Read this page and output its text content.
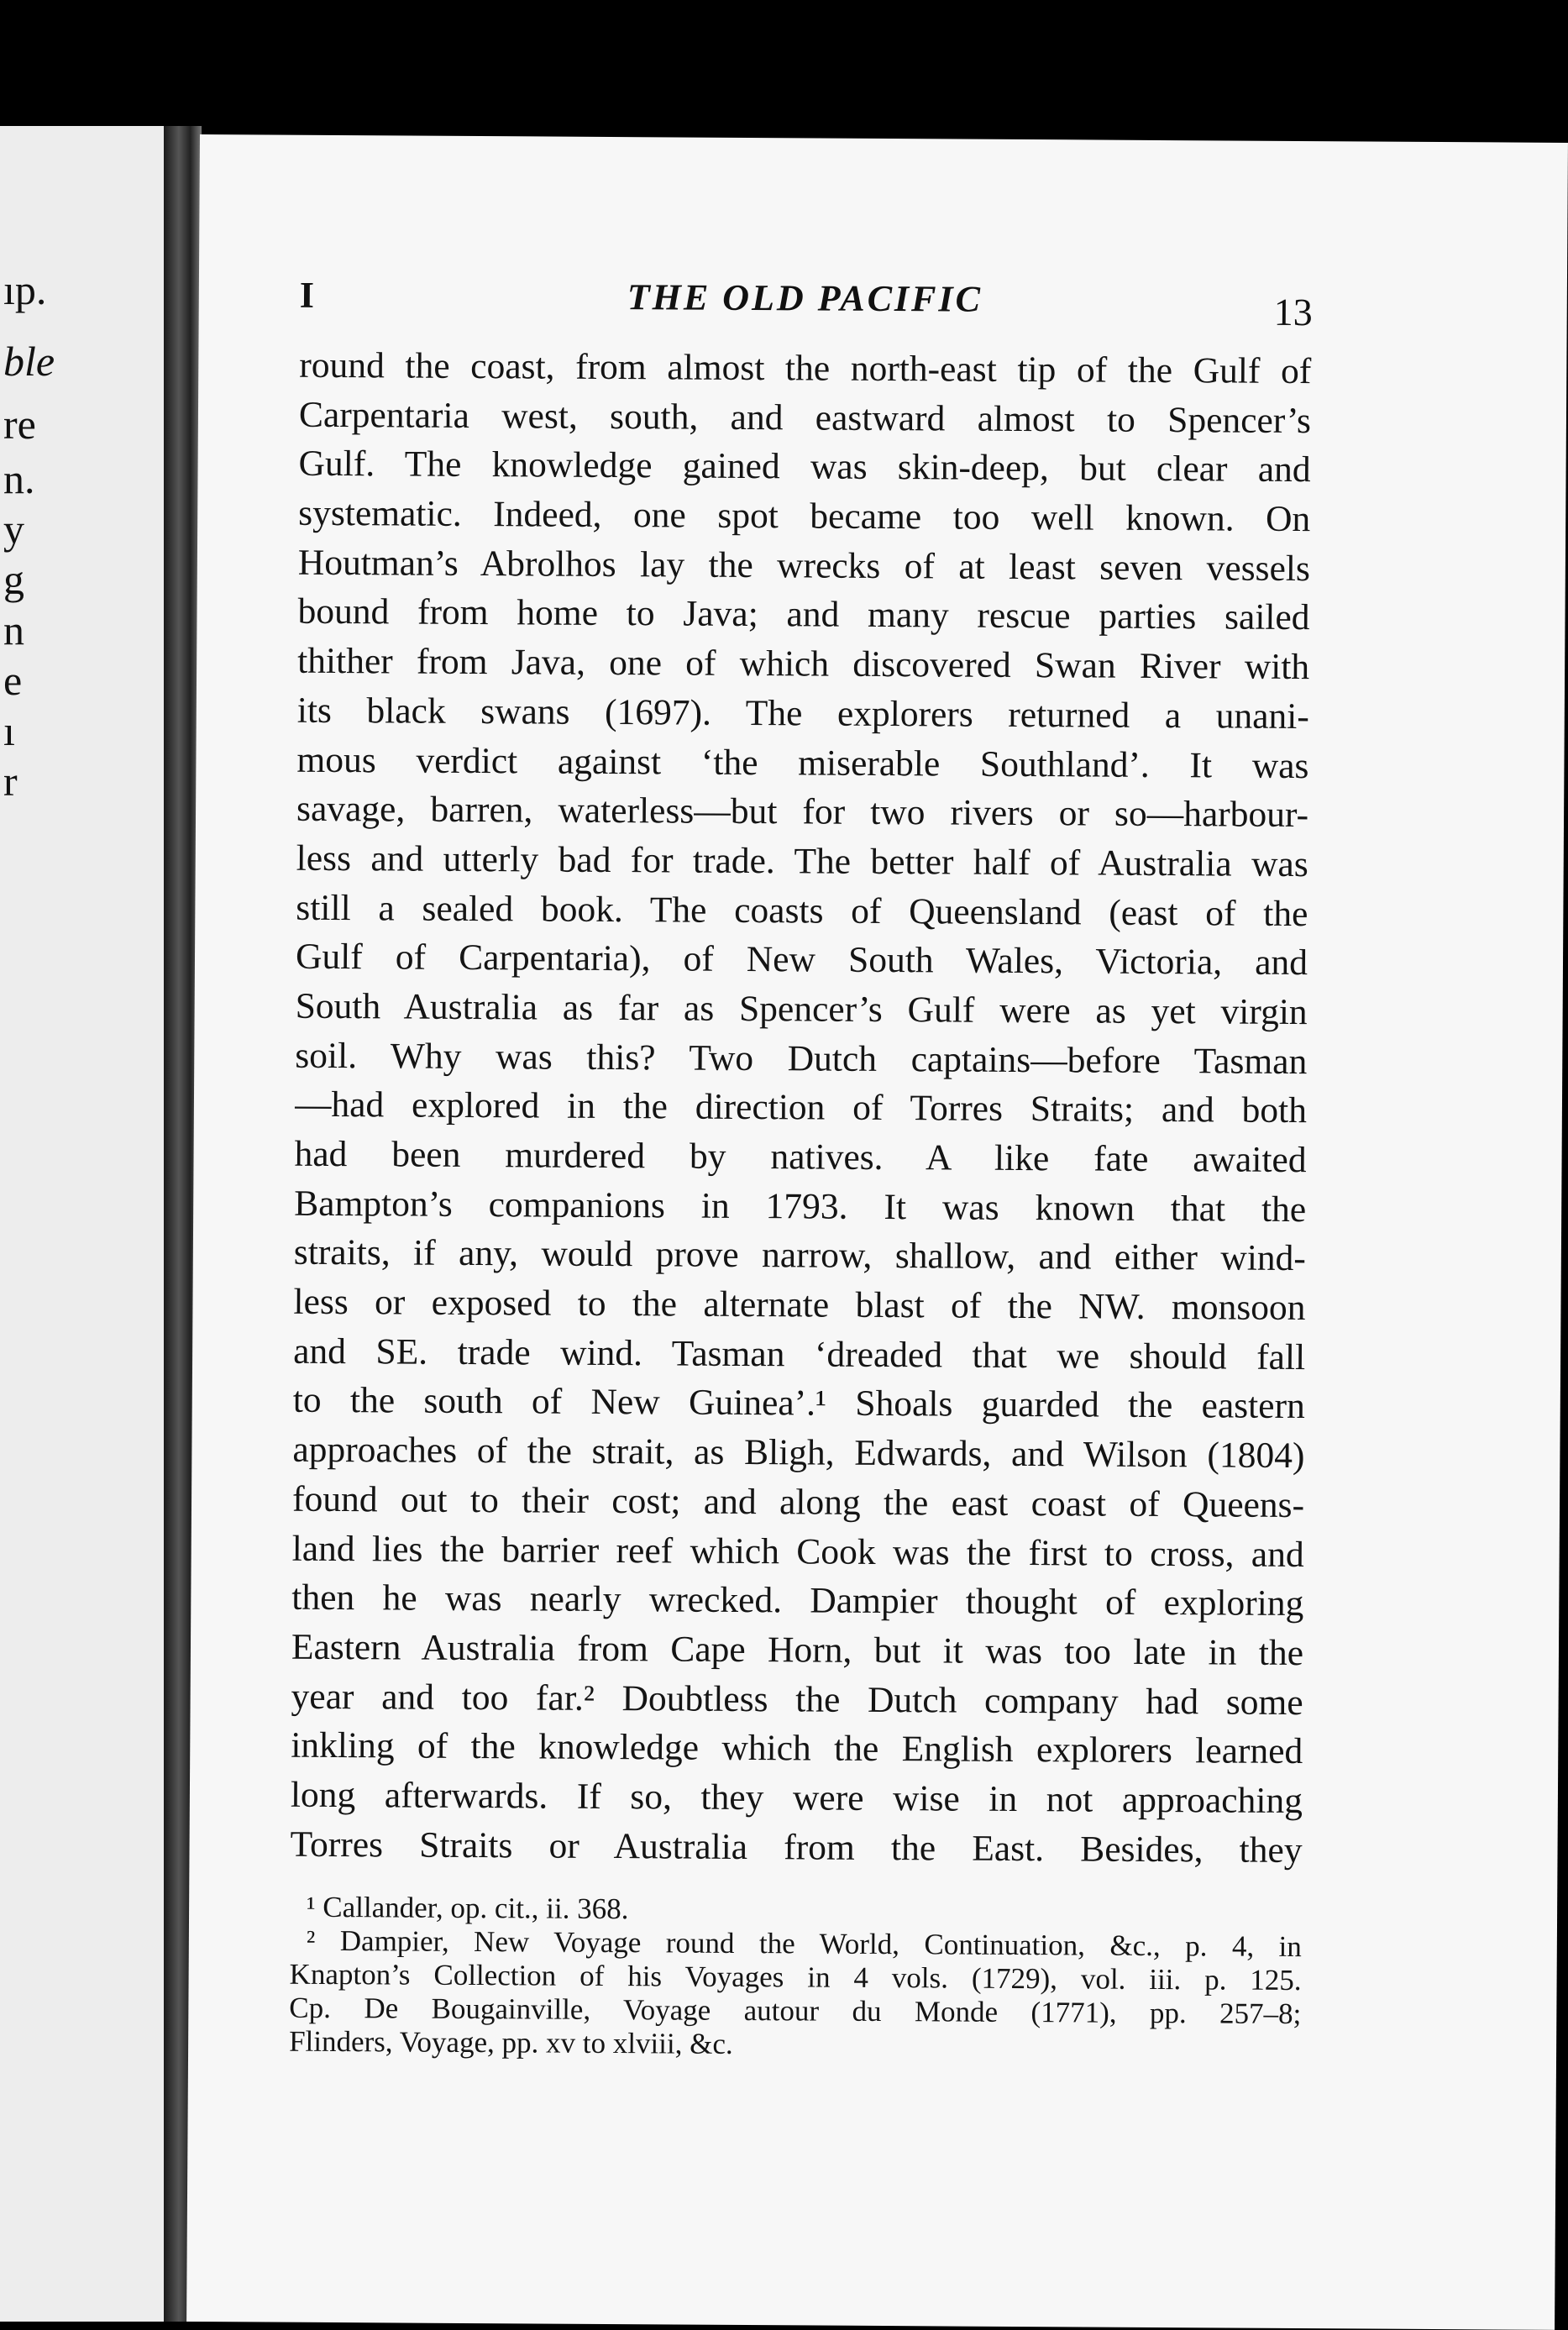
ıp.
ble
re
n.
y
g
n
e
ı
r
I	THE OLD PACIFIC	13
round the coast, from almost the north-east tip of the Gulf of
Carpentaria west, south, and eastward almost to Spencer’s
Gulf. The knowledge gained was skin-deep, but clear and
systematic. Indeed, one spot became too well known. On
Houtman’s Abrolhos lay the wrecks of at least seven vessels
bound from home to Java; and many rescue parties sailed
thither from Java, one of which discovered Swan River with
its black swans (1697). The explorers returned a unani-
mous verdict against ‘the miserable Southland’. It was
savage, barren, waterless—but for two rivers or so—harbour-
less and utterly bad for trade. The better half of Australia was
still a sealed book. The coasts of Queensland (east of the
Gulf of Carpentaria), of New South Wales, Victoria, and
South Australia as far as Spencer’s Gulf were as yet virgin
soil. Why was this? Two Dutch captains—before Tasman
—had explored in the direction of Torres Straits; and both
had been murdered by natives. A like fate awaited
Bampton’s companions in 1793. It was known that the
straits, if any, would prove narrow, shallow, and either wind-
less or exposed to the alternate blast of the NW. monsoon
and SE. trade wind. Tasman ‘dreaded that we should fall
to the south of New Guinea’.¹ Shoals guarded the eastern
approaches of the strait, as Bligh, Edwards, and Wilson (1804)
found out to their cost; and along the east coast of Queens-
land lies the barrier reef which Cook was the first to cross, and
then he was nearly wrecked. Dampier thought of exploring
Eastern Australia from Cape Horn, but it was too late in the
year and too far.² Doubtless the Dutch company had some
inkling of the knowledge which the English explorers learned
long afterwards. If so, they were wise in not approaching
Torres Straits or Australia from the East. Besides, they
¹ Callander, op. cit., ii. 368.
² Dampier, New Voyage round the World, Continuation, &c., p. 4, in
Knapton’s Collection of his Voyages in 4 vols. (1729), vol. iii. p. 125.
Cp. De Bougainville, Voyage autour du Monde (1771), pp. 257–8;
Flinders, Voyage, pp. xv to xlviii, &c.
